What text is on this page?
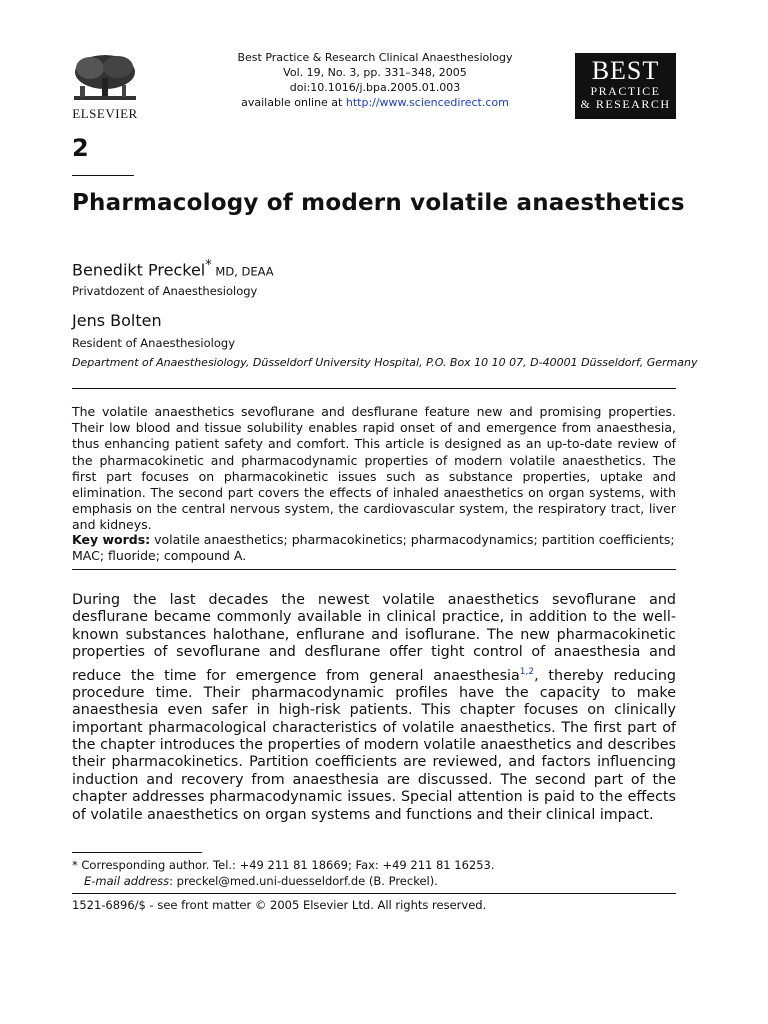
ELSEVIER
Best Practice & Research Clinical Anaesthesiology
Vol. 19, No. 3, pp. 331–348, 2005
doi:10.1016/j.bpa.2005.01.003
available online at http://www.sciencedirect.com
BEST
PRACTICE
& RESEARCH
2
Pharmacology of modern volatile anaesthetics
Benedikt Preckel* MD, DEAA
Privatdozent of Anaesthesiology
Jens Bolten
Resident of Anaesthesiology
Department of Anaesthesiology, Düsseldorf University Hospital, P.O. Box 10 10 07, D-40001 Düsseldorf, Germany
The volatile anaesthetics sevoflurane and desflurane feature new and promising properties. Their low blood and tissue solubility enables rapid onset of and emergence from anaesthesia, thus enhancing patient safety and comfort. This article is designed as an up-to-date review of the pharmacokinetic and pharmacodynamic properties of modern volatile anaesthetics. The first part focuses on pharmacokinetic issues such as substance properties, uptake and elimination. The second part covers the effects of inhaled anaesthetics on organ systems, with emphasis on the central nervous system, the cardiovascular system, the respiratory tract, liver and kidneys.
Key words: volatile anaesthetics; pharmacokinetics; pharmacodynamics; partition coefficients; MAC; fluoride; compound A.
During the last decades the newest volatile anaesthetics sevoflurane and desflurane became commonly available in clinical practice, in addition to the well-known substances halothane, enflurane and isoflurane. The new pharmacokinetic properties of sevoflurane and desflurane offer tight control of anaesthesia and reduce the time for emergence from general anaesthesia$^{1,2}$, thereby reducing procedure time. Their pharmacodynamic profiles have the capacity to make anaesthesia even safer in high-risk patients. This chapter focuses on clinically important pharmacological characteristics of volatile anaesthetics. The first part of the chapter introduces the properties of modern volatile anaesthetics and describes their pharmacokinetics. Partition coefficients are reviewed, and factors influencing induction and recovery from anaesthesia are discussed. The second part of the chapter addresses pharmacodynamic issues. Special attention is paid to the effects of volatile anaesthetics on organ systems and functions and their clinical impact.
* Corresponding author. Tel.: +49 211 81 18669; Fax: +49 211 81 16253.
E-mail address: preckel@med.uni-duesseldorf.de (B. Preckel).
1521-6896/$ - see front matter © 2005 Elsevier Ltd. All rights reserved.
